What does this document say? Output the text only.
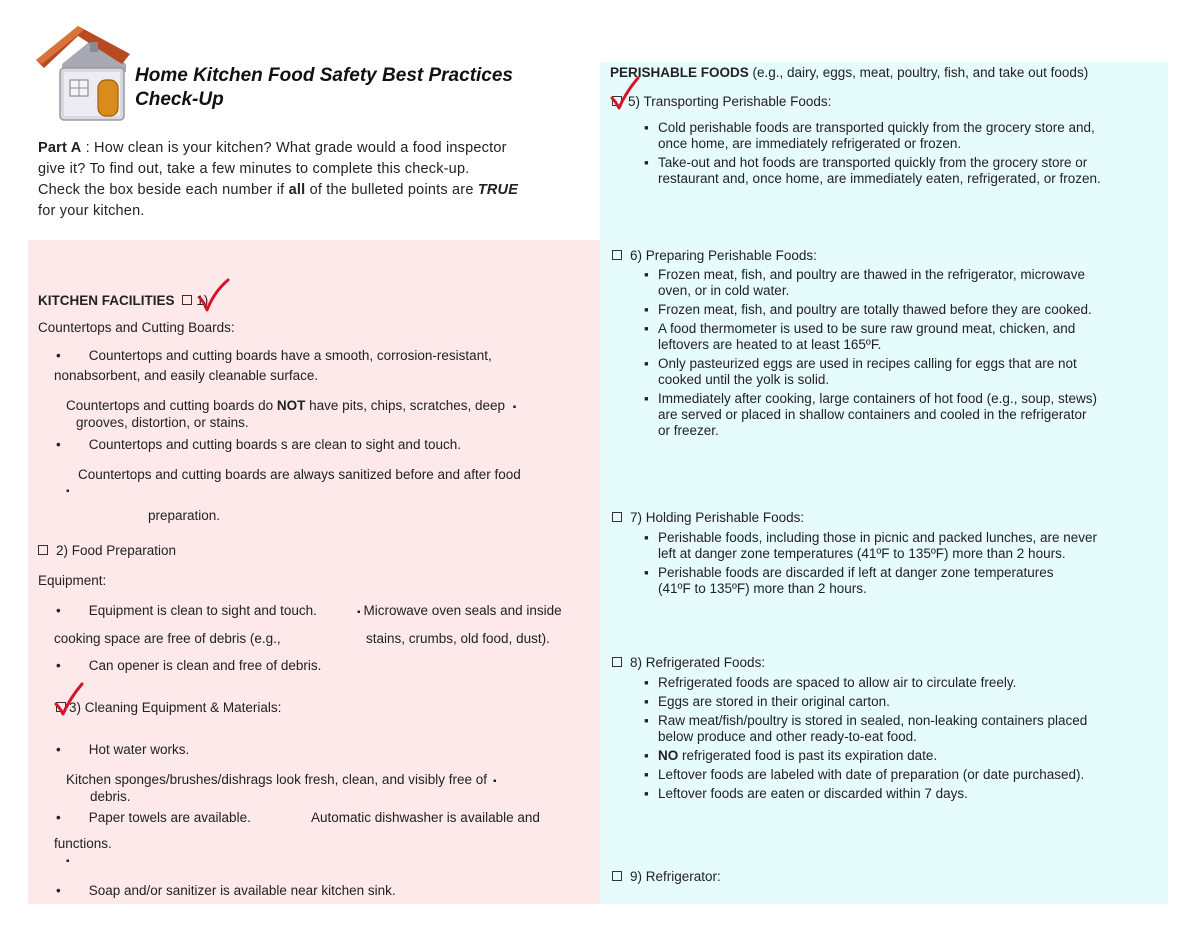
Home Kitchen Food Safety Best Practices
Check-Up
Part A : How clean is your kitchen? What grade would a food inspector
give it? To find out, take a few minutes to complete this check-up.
Check the box beside each number if all of the bulleted points are TRUE
for your kitchen.
KITCHEN FACILITIES 1)
Countertops and Cutting Boards:
• Countertops and cutting boards have a smooth, corrosion-resistant,
nonabsorbent, and easily cleanable surface.
Countertops and cutting boards do NOT have pits, chips, scratches, deep ▪
grooves, distortion, or stains.
• Countertops and cutting boards s are clean to sight and touch.
Countertops and cutting boards are always sanitized before and after food
▪
preparation.
2) Food Preparation
Equipment:
• Equipment is clean to sight and touch.	▪ Microwave oven seals and inside
cooking space are free of debris (e.g.,	stains, crumbs, old food, dust).
• Can opener is clean and free of debris.
3) Cleaning Equipment & Materials:
• Hot water works.
Kitchen sponges/brushes/dishrags look fresh, clean, and visibly free of ▪
debris.
• Paper towels are available.	Automatic dishwasher is available and
functions.
▪
• Soap and/or sanitizer is available near kitchen sink.
PERISHABLE FOODS (e.g., dairy, eggs, meat, poultry, fish, and take out foods)
5) Transporting Perishable Foods:
▪ Cold perishable foods are transported quickly from the grocery store and,
once home, are immediately refrigerated or frozen.
▪ Take-out and hot foods are transported quickly from the grocery store or
restaurant and, once home, are immediately eaten, refrigerated, or frozen.
6) Preparing Perishable Foods:
▪ Frozen meat, fish, and poultry are thawed in the refrigerator, microwave
oven, or in cold water.
▪ Frozen meat, fish, and poultry are totally thawed before they are cooked.
▪ A food thermometer is used to be sure raw ground meat, chicken, and
leftovers are heated to at least 165ºF.
▪ Only pasteurized eggs are used in recipes calling for eggs that are not
cooked until the yolk is solid.
▪ Immediately after cooking, large containers of hot food (e.g., soup, stews)
are served or placed in shallow containers and cooled in the refrigerator
or freezer.
7) Holding Perishable Foods:
▪ Perishable foods, including those in picnic and packed lunches, are never
left at danger zone temperatures (41ºF to 135ºF) more than 2 hours.
▪ Perishable foods are discarded if left at danger zone temperatures
(41ºF to 135ºF) more than 2 hours.
8) Refrigerated Foods:
▪ Refrigerated foods are spaced to allow air to circulate freely.
▪ Eggs are stored in their original carton.
▪ Raw meat/fish/poultry is stored in sealed, non-leaking containers placed
below produce and other ready-to-eat food.
▪ NO refrigerated food is past its expiration date.
▪ Leftover foods are labeled with date of preparation (or date purchased).
▪ Leftover foods are eaten or discarded within 7 days.
9) Refrigerator:
